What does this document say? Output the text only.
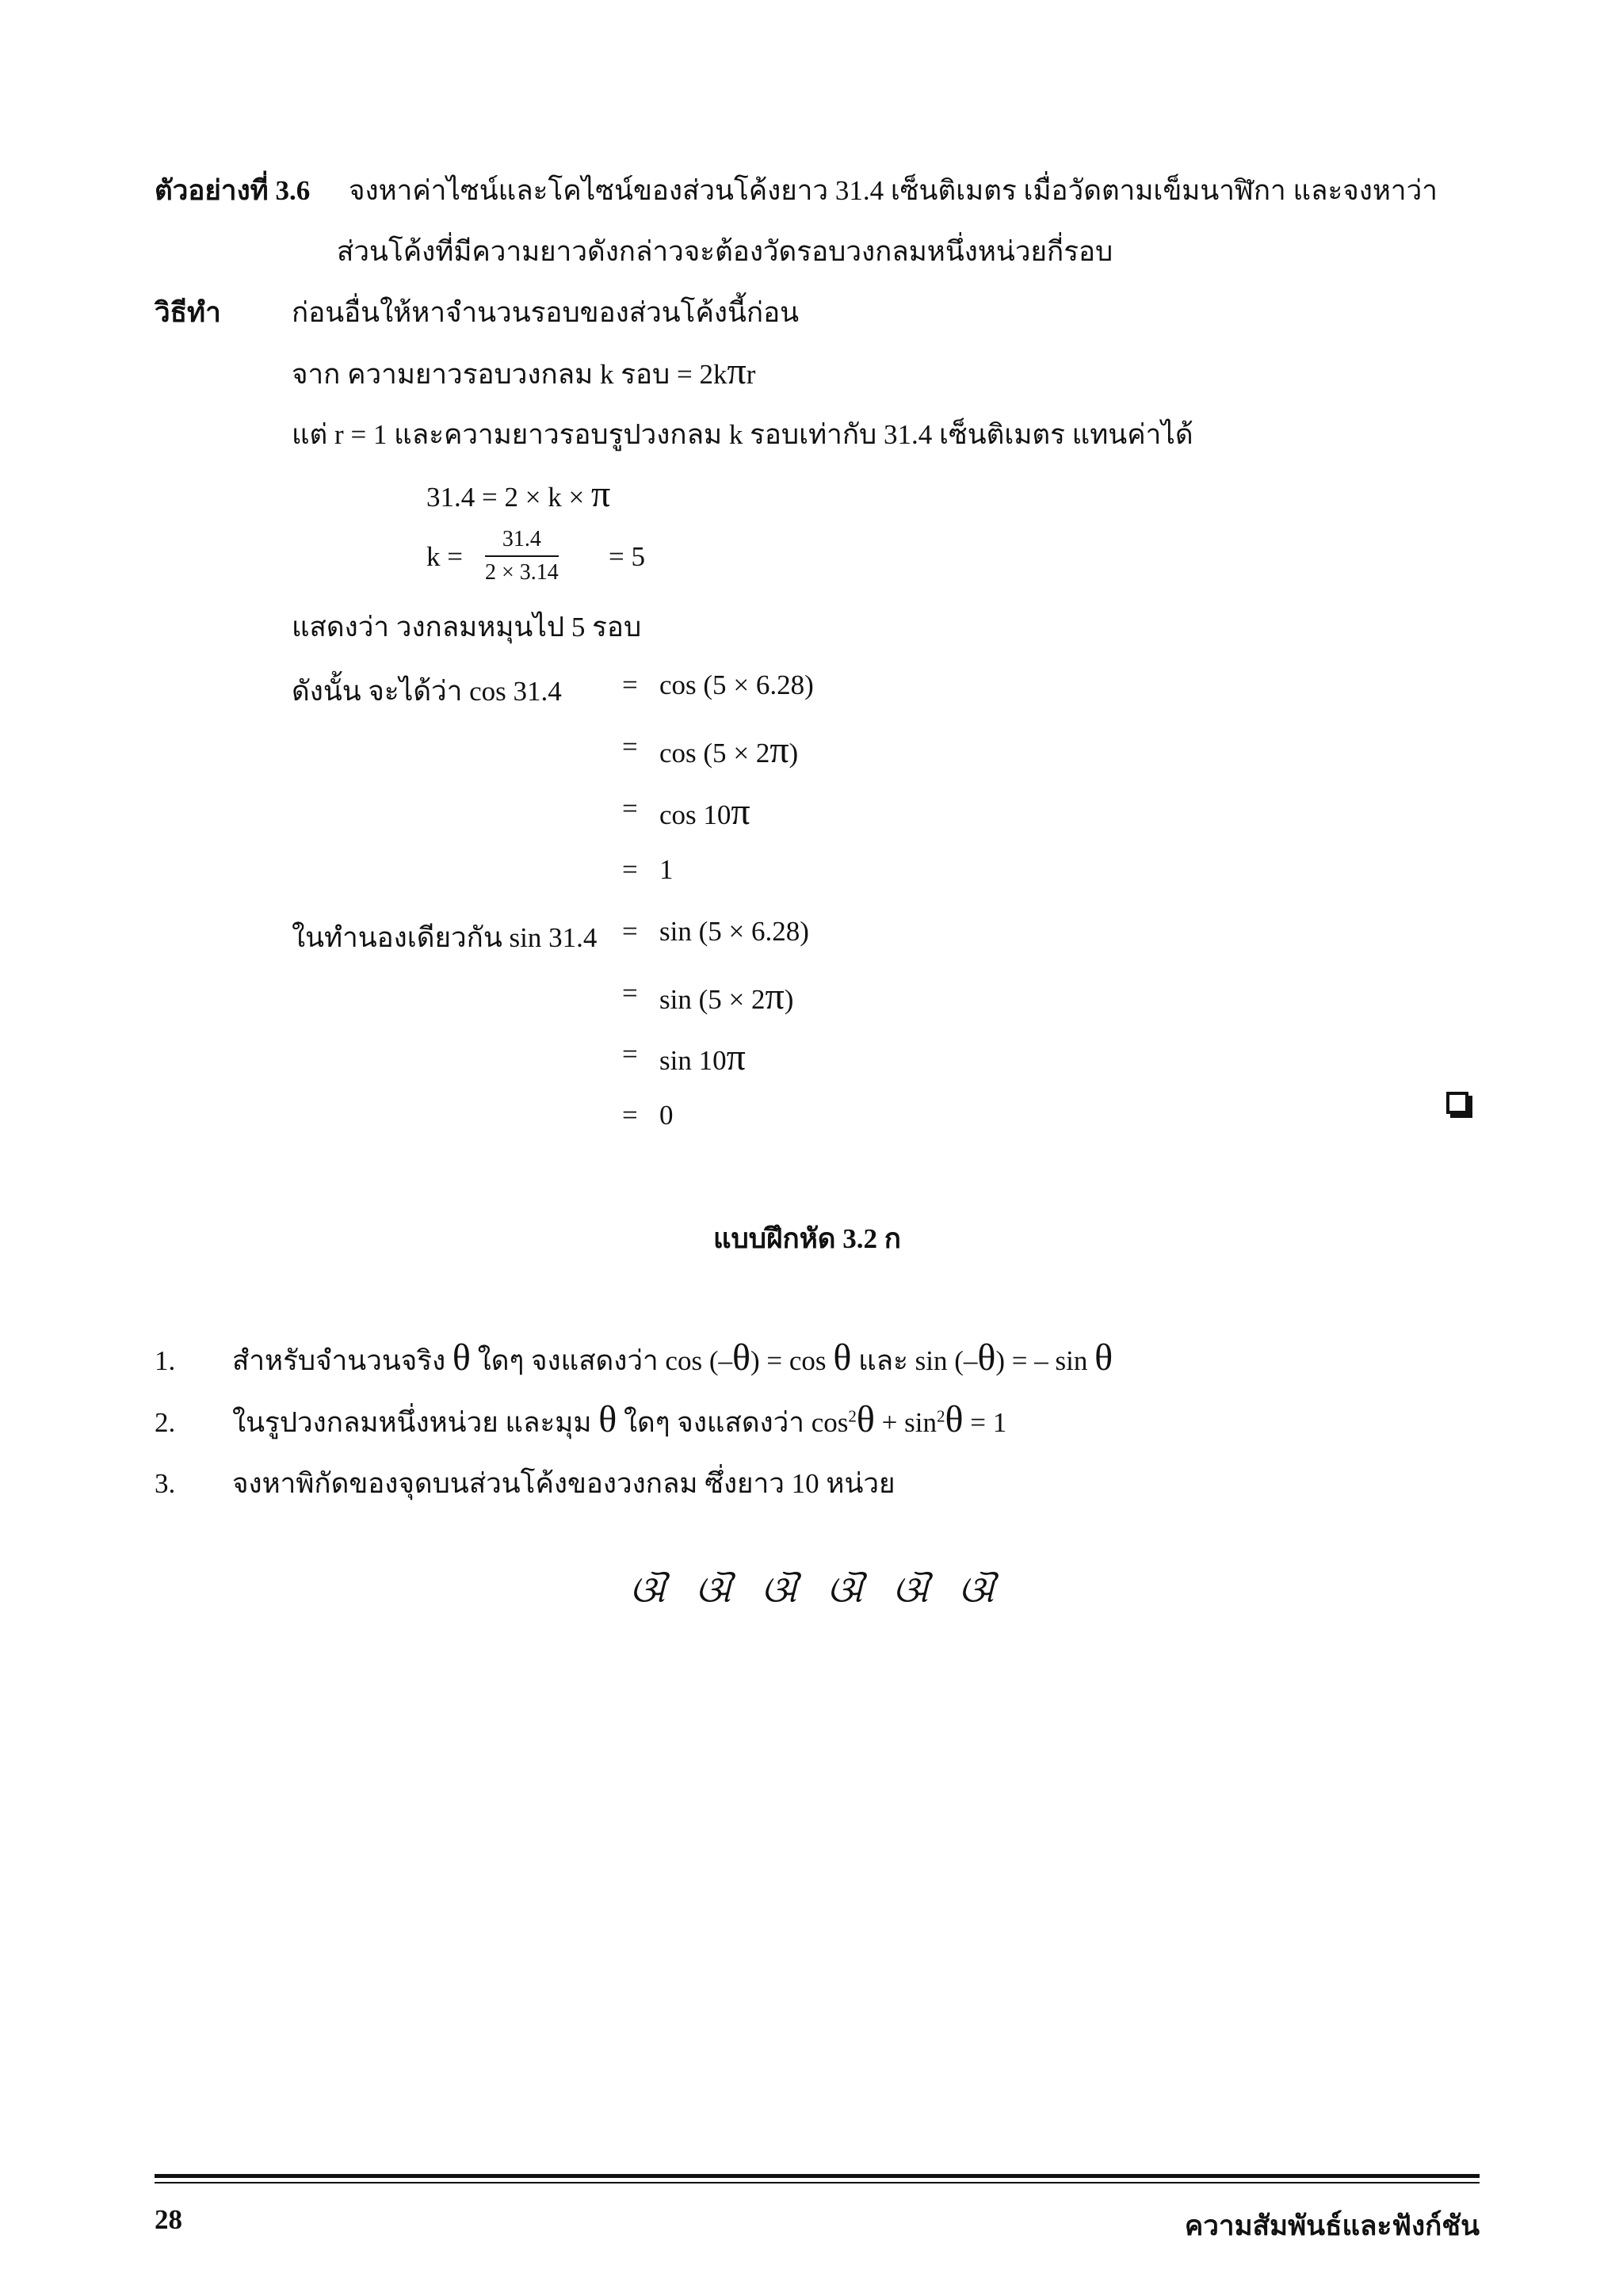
ตัวอย่างที่ 3.6 จงหาค่าไซน์และโคไซน์ของส่วนโค้งยาว 31.4 เซ็นติเมตร เมื่อวัดตามเข็มนาฬิกา และจงหาว่า
ส่วนโค้งที่มีความยาวดังกล่าวจะต้องวัดรอบวงกลมหนึ่งหน่วยกี่รอบ
วิธีทำ	ก่อนอื่นให้หาจำนวนรอบของส่วนโค้งนี้ก่อน
จาก ความยาวรอบวงกลม k รอบ = 2kπr
แต่ r = 1 และความยาวรอบรูปวงกลม k รอบเท่ากับ 31.4 เซ็นติเมตร แทนค่าได้
31.4 = 2 × k × π
$k = \frac{31.4}{2 \times 3.14} = 5$
แสดงว่า วงกลมหมุนไป 5 รอบ
ดังนั้น จะได้ว่า cos 31.4 = cos (5 × 6.28)
= cos (5 × 2π)
= cos 10π
= 1
ในทำนองเดียวกัน sin 31.4 = sin (5 × 6.28)
= sin (5 × 2π)
= sin 10π
= 0
แบบฝึกหัด 3.2 ก
1. สำหรับจำนวนจริง θ ใดๆ จงแสดงว่า cos (–θ) = cos θ และ sin (–θ) = – sin θ
2. ในรูปวงกลมหนึ่งหน่วย และมุม θ ใดๆ จงแสดงว่า $\cos^2\theta + \sin^2\theta = 1$
3. จงหาพิกัดของจุดบนส่วนโค้งของวงกลม ซึ่งยาว 10 หน่วย
ଔ ଔ ଔ ଔ ଔ ଔ
28	ความสัมพันธ์และฟังก์ชัน
